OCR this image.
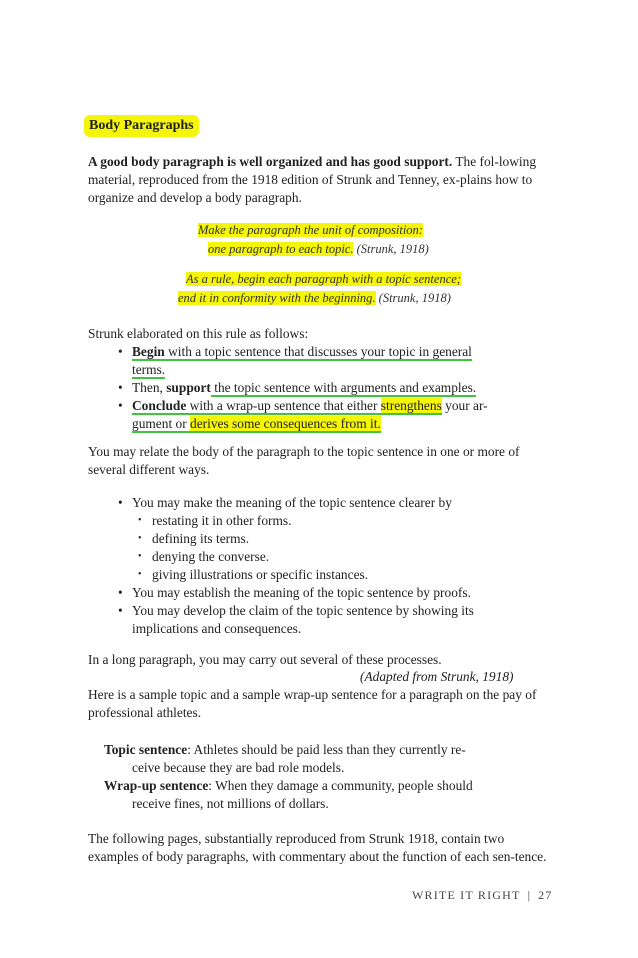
Body Paragraphs

A good body paragraph is well organized and has good support. The fol-lowing material, reproduced from the 1918 edition of Strunk and Tenney, ex-plains how to organize and develop a body paragraph.

Make the paragraph the unit of composition:
one paragraph to each topic. (Strunk, 1918)
As a rule, begin each paragraph with a topic sentence;
end it in conformity with the beginning. (Strunk, 1918)

Strunk elaborated on this rule as follows:

• Begin with a topic sentence that discusses your topic in general
terms.
• Then, support the topic sentence with arguments and examples.
• Conclude with a wrap-up sentence that either strengthens your ar-
gument or derives some consequences from it.

You may relate the body of the paragraph to the topic sentence in one or more of several different ways.

• You may make the meaning of the topic sentence clearer by
• restating it in other forms.
• defining its terms.
• denying the converse.
• giving illustrations or specific instances.
• You may establish the meaning of the topic sentence by proofs.
• You may develop the claim of the topic sentence by showing its
implications and consequences.

In a long paragraph, you may carry out several of these processes.

(Adapted from Strunk, 1918)

Here is a sample topic and a sample wrap-up sentence for a paragraph on the pay of professional athletes.

Topic sentence: Athletes should be paid less than they currently re-
ceive because they are bad role models.

Wrap-up sentence: When they damage a community, people should
receive fines, not millions of dollars.

The following pages, substantially reproduced from Strunk 1918, contain two examples of body paragraphs, with commentary about the function of each sen-tence.

WRITE IT RIGHT | 27
